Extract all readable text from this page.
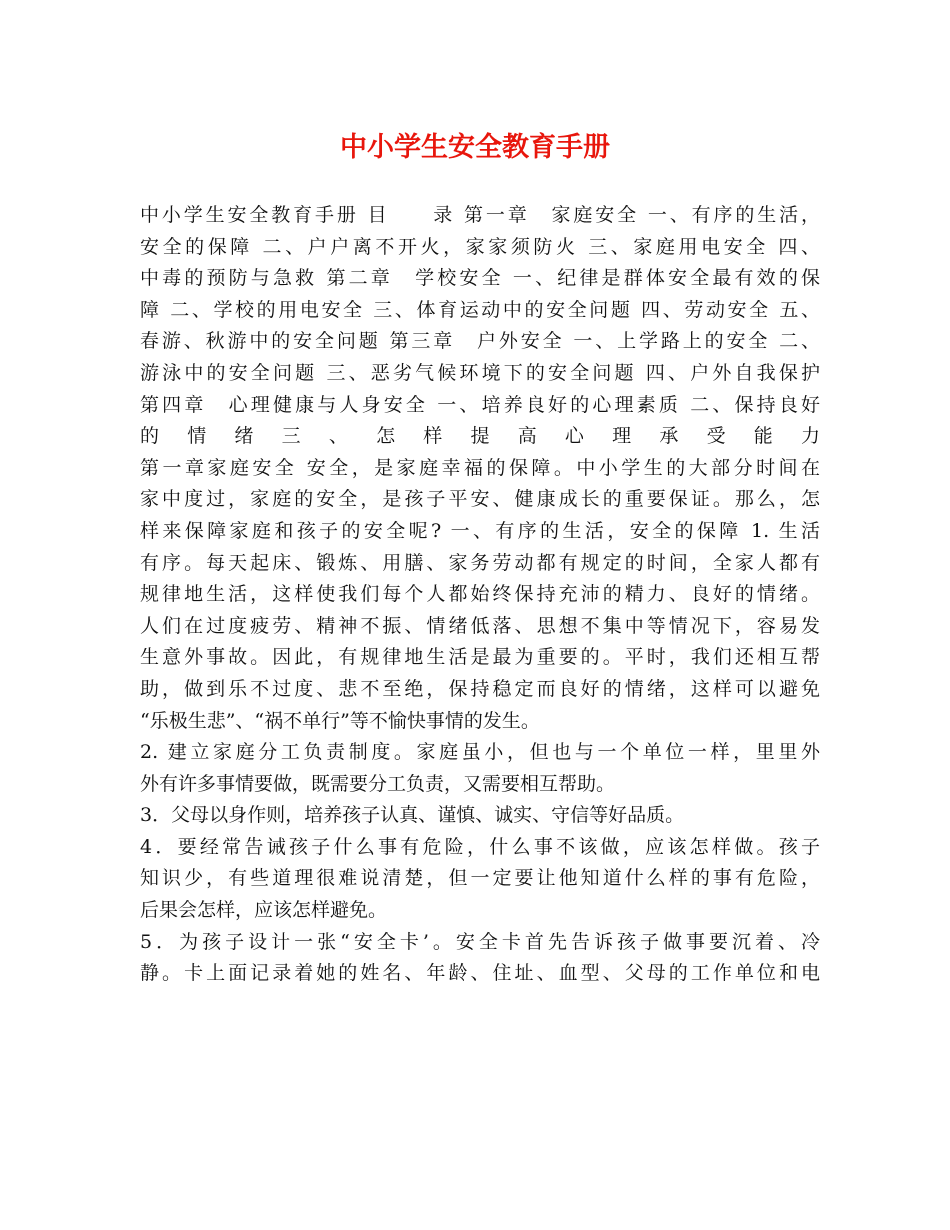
中小学生安全教育手册
中小学生安全教育手册 目　　录 第一章　家庭安全 一、有序的生活，
安全的保障 二、户户离不开火，家家须防火 三、家庭用电安全 四、
中毒的预防与急救 第二章　学校安全 一、纪律是群体安全最有效的保
障 二、学校的用电安全 三、体育运动中的安全问题 四、劳动安全 五、
春游、秋游中的安全问题 第三章　户外安全 一、上学路上的安全 二、
游泳中的安全问题 三、恶劣气候环境下的安全问题 四、户外自我保护
第四章　心理健康与人身安全 一、培养良好的心理素质 二、保持良好
的 情 绪 三 、 怎 样 提 高 心 理 承 受 能 力
第一章家庭安全 安全，是家庭幸福的保障。中小学生的大部分时间在
家中度过，家庭的安全，是孩子平安、健康成长的重要保证。那么，怎
样来保障家庭和孩子的安全呢? 一、有序的生活，安全的保障 1. 生活
有序。每天起床、锻炼、用膳、家务劳动都有规定的时间，全家人都有
规律地生活，这样使我们每个人都始终保持充沛的精力、良好的情绪。
人们在过度疲劳、精神不振、情绪低落、思想不集中等情况下，容易发
生意外事故。因此，有规律地生活是最为重要的。平时，我们还相互帮
助，做到乐不过度、悲不至绝，保持稳定而良好的情绪，这样可以避免
“乐极生悲”、“祸不单行”等不愉快事情的发生。
2. 建立家庭分工负责制度。家庭虽小，但也与一个单位一样，里里外
外有许多事情要做，既需要分工负责，又需要相互帮助。
3．父母以身作则，培养孩子认真、谨慎、诚实、守信等好品质。
4．要经常告诫孩子什么事有危险，什么事不该做，应该怎样做。孩子
知识少，有些道理很难说清楚，但一定要让他知道什么样的事有危险，
后果会怎样，应该怎样避免。
5．为孩子设计一张“安全卡’。安全卡首先告诉孩子做事要沉着、冷
静。卡上面记录着她的姓名、年龄、住址、血型、父母的工作单位和电
